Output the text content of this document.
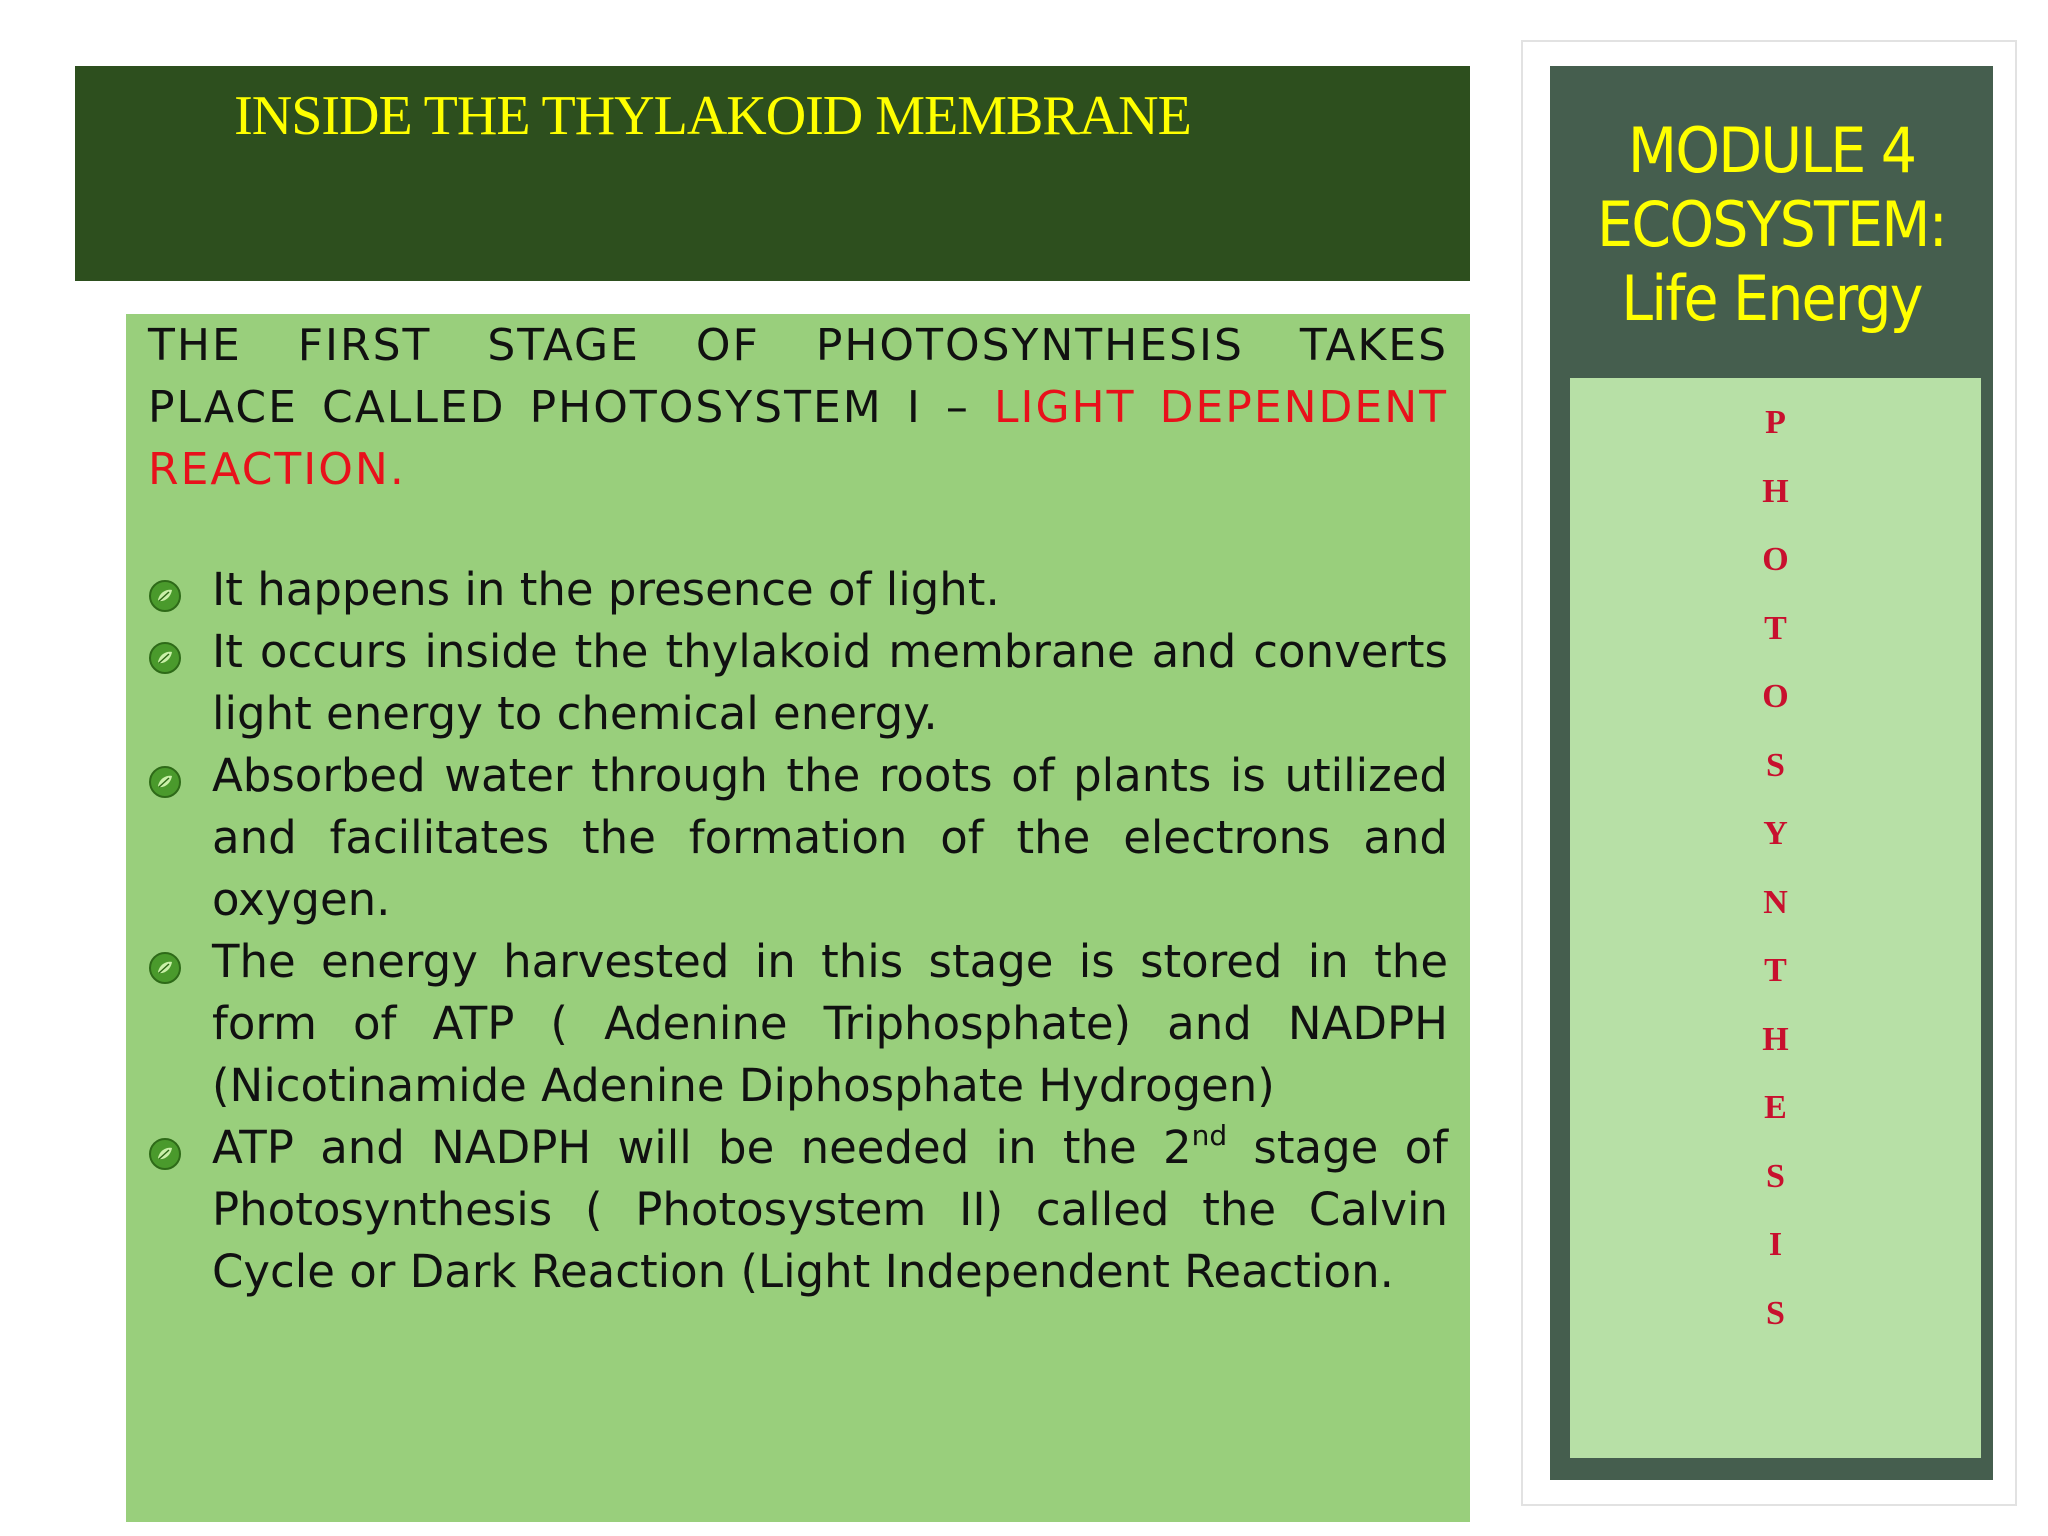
INSIDE THE THYLAKOID MEMBRANE

THE FIRST STAGE OF PHOTOSYNTHESIS TAKES PLACE CALLED PHOTOSYSTEM I – LIGHT DEPENDENT REACTION.

It happens in the presence of light.
It occurs inside the thylakoid membrane and converts light energy to chemical energy.
Absorbed water through the roots of plants is utilized and facilitates the formation of the electrons and oxygen.
The energy harvested in this stage is stored in the form of ATP ( Adenine Triphosphate) and NADPH (Nicotinamide Adenine Diphosphate Hydrogen)
ATP and NADPH will be needed in the 2nd stage of Photosynthesis ( Photosystem II) called the Calvin Cycle or Dark Reaction (Light Independent Reaction.
MODULE 4
ECOSYSTEM:
Life Energy
P
H
O
T
O
S
Y
N
T
H
E
S
I
S
